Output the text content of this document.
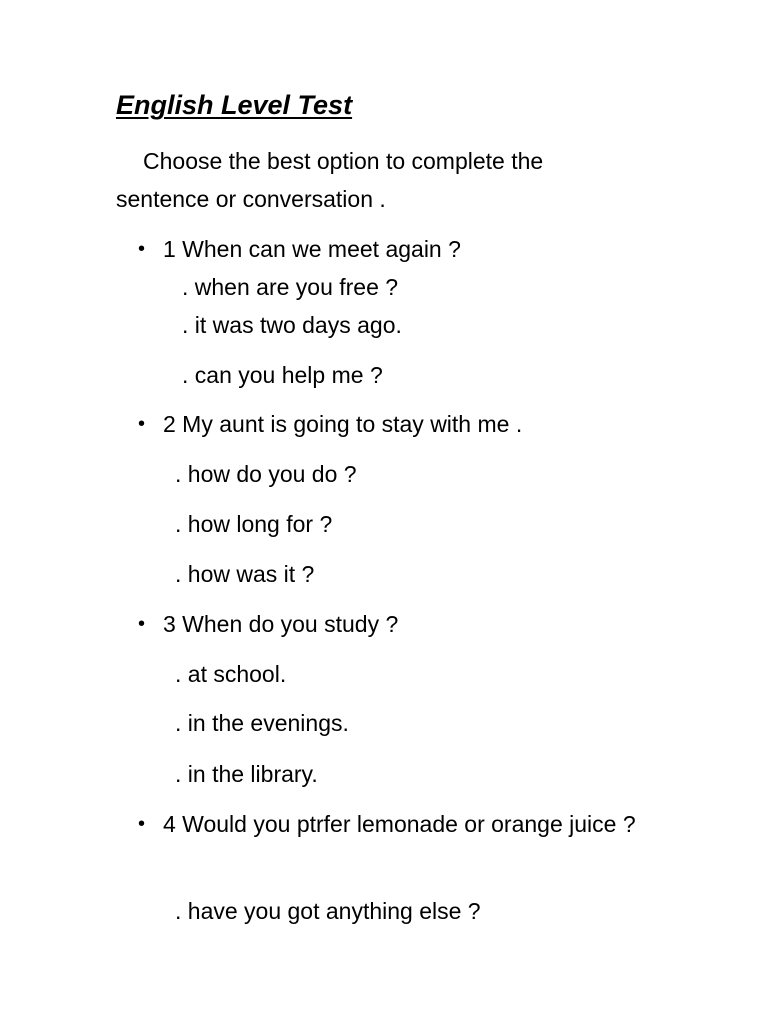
English Level Test
Choose the best option to complete the
sentence or conversation .
• 1 When can we meet again ?
. when are you free ?
. it was two days ago.
. can you help me ?
• 2 My aunt is going to stay with me .
. how do you do ?
. how long for ?
. how was it ?
• 3 When do you study ?
. at school.
. in the evenings.
. in the library.
• 4 Would you ptrfer lemonade or orange juice ?
. have you got anything else ?
